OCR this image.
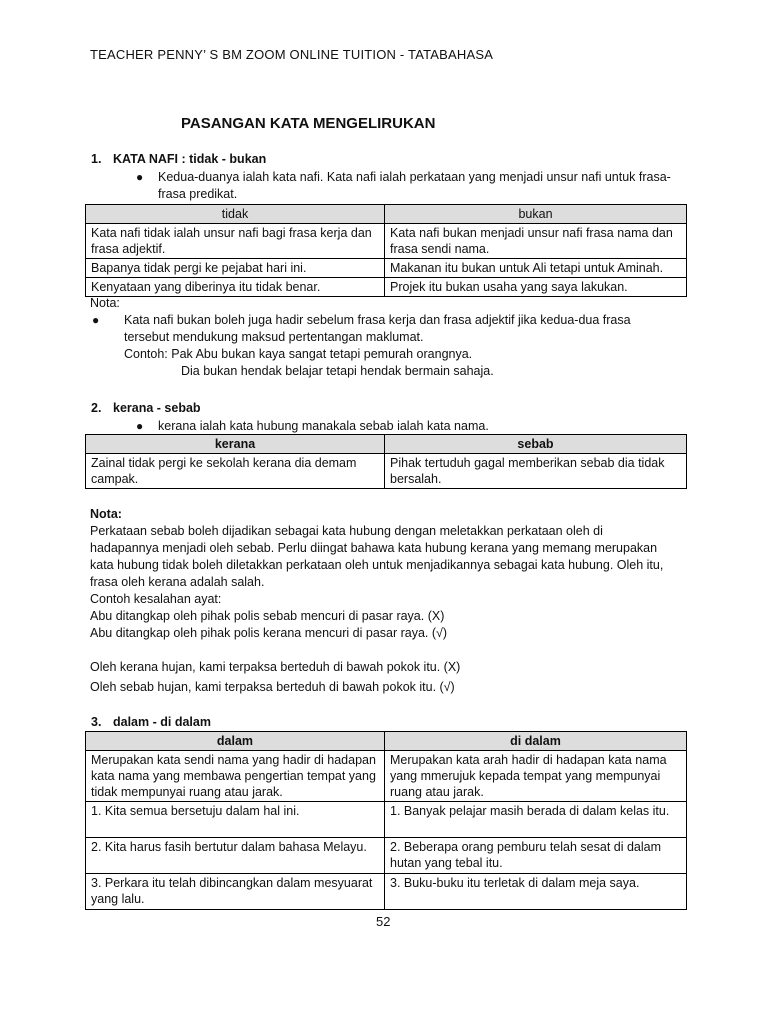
TEACHER PENNY’ S BM ZOOM ONLINE TUITION - TATABAHASA
PASANGAN KATA MENGELIRUKAN
1. KATA NAFI : tidak - bukan
● Kedua-duanya ialah kata nafi. Kata nafi ialah perkataan yang menjadi unsur nafi untuk frasa-
frasa predikat.
tidak	bukan
Kata nafi tidak ialah unsur nafi bagi frasa kerja dan frasa adjektif.	Kata nafi bukan menjadi unsur nafi frasa nama dan frasa sendi nama.
Bapanya tidak pergi ke pejabat hari ini.	Makanan itu bukan untuk Ali tetapi untuk Aminah.
Kenyataan yang diberinya itu tidak benar.	Projek itu bukan usaha yang saya lakukan.
Nota:
● Kata nafi bukan boleh juga hadir sebelum frasa kerja dan frasa adjektif jika kedua-dua frasa
tersebut mendukung maksud pertentangan maklumat.
Contoh: Pak Abu bukan kaya sangat tetapi pemurah orangnya.
Dia bukan hendak belajar tetapi hendak bermain sahaja.
2. kerana - sebab
● kerana ialah kata hubung manakala sebab ialah kata nama.
kerana	sebab
Zainal tidak pergi ke sekolah kerana dia demam campak.	Pihak tertuduh gagal memberikan sebab dia tidak bersalah.
Nota:
Perkataan sebab boleh dijadikan sebagai kata hubung dengan meletakkan perkataan oleh di
hadapannya menjadi oleh sebab. Perlu diingat bahawa kata hubung kerana yang memang merupakan
kata hubung tidak boleh diletakkan perkataan oleh untuk menjadikannya sebagai kata hubung. Oleh itu,
frasa oleh kerana adalah salah.
Contoh kesalahan ayat:
Abu ditangkap oleh pihak polis sebab mencuri di pasar raya. (X)
Abu ditangkap oleh pihak polis kerana mencuri di pasar raya. (√)
Oleh kerana hujan, kami terpaksa berteduh di bawah pokok itu. (X)
Oleh sebab hujan, kami terpaksa berteduh di bawah pokok itu. (√)
3. dalam - di dalam
dalam	di dalam
Merupakan kata sendi nama yang hadir di hadapan kata nama yang membawa pengertian tempat yang tidak mempunyai ruang atau jarak.	Merupakan kata arah hadir di hadapan kata nama yang mmerujuk kepada tempat yang mempunyai ruang atau jarak.
1. Kita semua bersetuju dalam hal ini.	1. Banyak pelajar masih berada di dalam kelas itu.
2. Kita harus fasih bertutur dalam bahasa Melayu.	2. Beberapa orang pemburu telah sesat di dalam hutan yang tebal itu.
3. Perkara itu telah dibincangkan dalam mesyuarat yang lalu.	3. Buku-buku itu terletak di dalam meja saya.
52
